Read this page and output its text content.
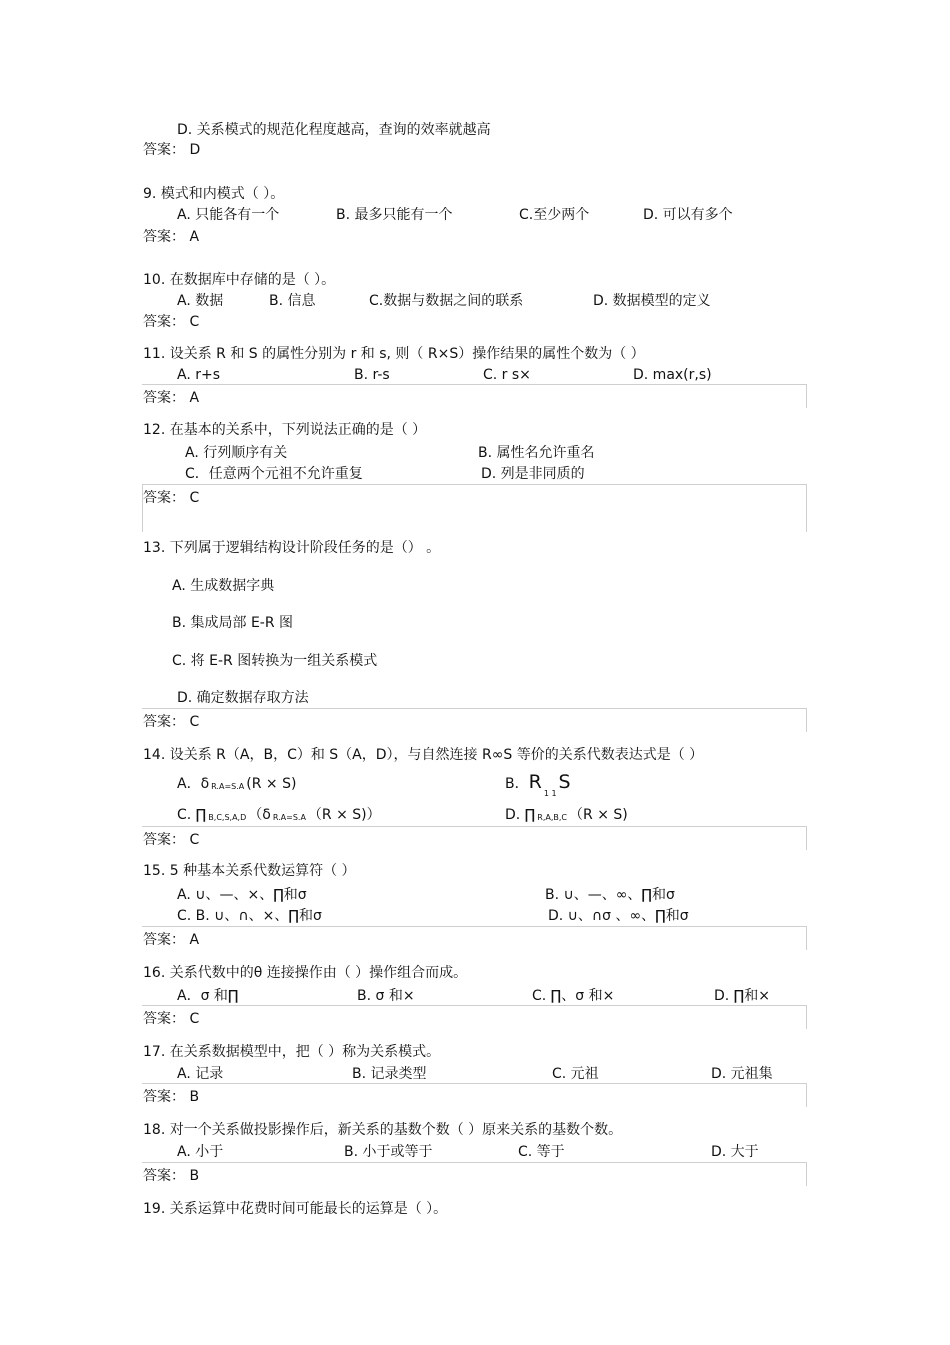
D. 关系模式的规范化程度越高，查询的效率就越高
答案： D
9. 模式和内模式（ ）。
A. 只能各有一个	B. 最多只能有一个	C.至少两个	D. 可以有多个
答案： A
10. 在数据库中存储的是（ ）。
A. 数据	B. 信息	C.数据与数据之间的联系	D. 数据模型的定义
答案： C
11. 设关系 R 和 S 的属性分别为 r 和 s, 则（ R×S）操作结果的属性个数为（ ）
A. r+s	B. r-s	C. r s×	D. max(r,s)
答案： A
12. 在基本的关系中，下列说法正确的是（ ）
A. 行列顺序有关	B. 属性名允许重名
C．任意两个元祖不允许重复	D. 列是非同质的
答案： C
13. 下列属于逻辑结构设计阶段任务的是（） 。
A. 生成数据字典
B. 集成局部 E-R 图
C. 将 E-R 图转换为一组关系模式
D. 确定数据存取方法
答案： C
14. 设关系 R（A，B，C）和 S（A，D），与自然连接 R∞S 等价的关系代数表达式是（ ）
A．δ R.A=S.A (R × S)	B．$R_{1 1}S$
C. ∏ B,C,S,A,D （δ R.A=S.A （R × S)）	D. ∏ R,A,B,C （R × S)
答案： C
15. 5 种基本关系代数运算符（ ）
A. ∪、—、×、∏和σ	B. ∪、—、∞、∏和σ
C. B. ∪、∩、×、∏和σ	D. ∪、∩σ 、∞、∏和σ
答案： A
16. 关系代数中的θ 连接操作由（ ）操作组合而成。
A．σ 和∏	B. σ 和×	C. ∏、σ 和×	D. ∏和×
答案： C
17. 在关系数据模型中，把（ ）称为关系模式。
A. 记录	B. 记录类型	C. 元祖	D. 元祖集
答案： B
18. 对一个关系做投影操作后，新关系的基数个数（ ）原来关系的基数个数。
A. 小于	B. 小于或等于	C. 等于	D. 大于
答案： B
19. 关系运算中花费时间可能最长的运算是（ ）。
